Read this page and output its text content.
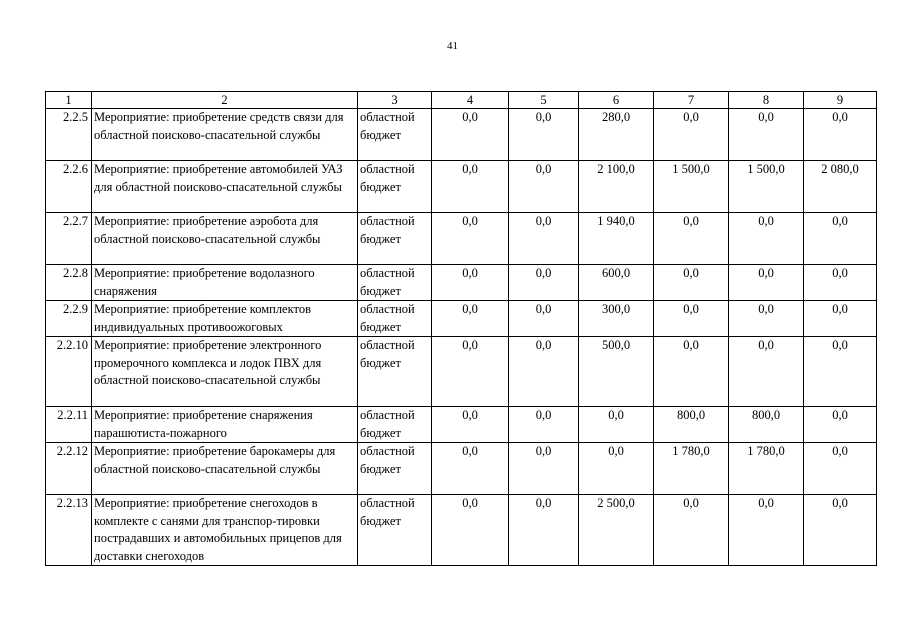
41
1	2	3	4	5	6	7	8	9
2.2.5	Мероприятие: приобретение средств связи для областной поисково-спасательной службы	областной бюджет	0,0	0,0	280,0	0,0	0,0	0,0
2.2.6	Мероприятие: приобретение автомобилей УАЗ для областной поисково-спасательной службы	областной бюджет	0,0	0,0	2 100,0	1 500,0	1 500,0	2 080,0
2.2.7	Мероприятие: приобретение аэробота для областной поисково-спасательной службы	областной бюджет	0,0	0,0	1 940,0	0,0	0,0	0,0
2.2.8	Мероприятие: приобретение водолазного снаряжения	областной бюджет	0,0	0,0	600,0	0,0	0,0	0,0
2.2.9	Мероприятие: приобретение комплектов индивидуальных противоожоговых	областной бюджет	0,0	0,0	300,0	0,0	0,0	0,0
2.2.10	Мероприятие: приобретение электронного промерочного комплекса и лодок ПВХ для областной поисково-спасательной службы	областной бюджет	0,0	0,0	500,0	0,0	0,0	0,0
2.2.11	Мероприятие: приобретение снаряжения парашютиста-пожарного	областной бюджет	0,0	0,0	0,0	800,0	800,0	0,0
2.2.12	Мероприятие: приобретение барокамеры для областной поисково-спасательной службы	областной бюджет	0,0	0,0	0,0	1 780,0	1 780,0	0,0
2.2.13	Мероприятие: приобретение снегоходов в комплекте с санями для транспор-тировки пострадавших и автомобильных прицепов для доставки снегоходов	областной бюджет	0,0	0,0	2 500,0	0,0	0,0	0,0
